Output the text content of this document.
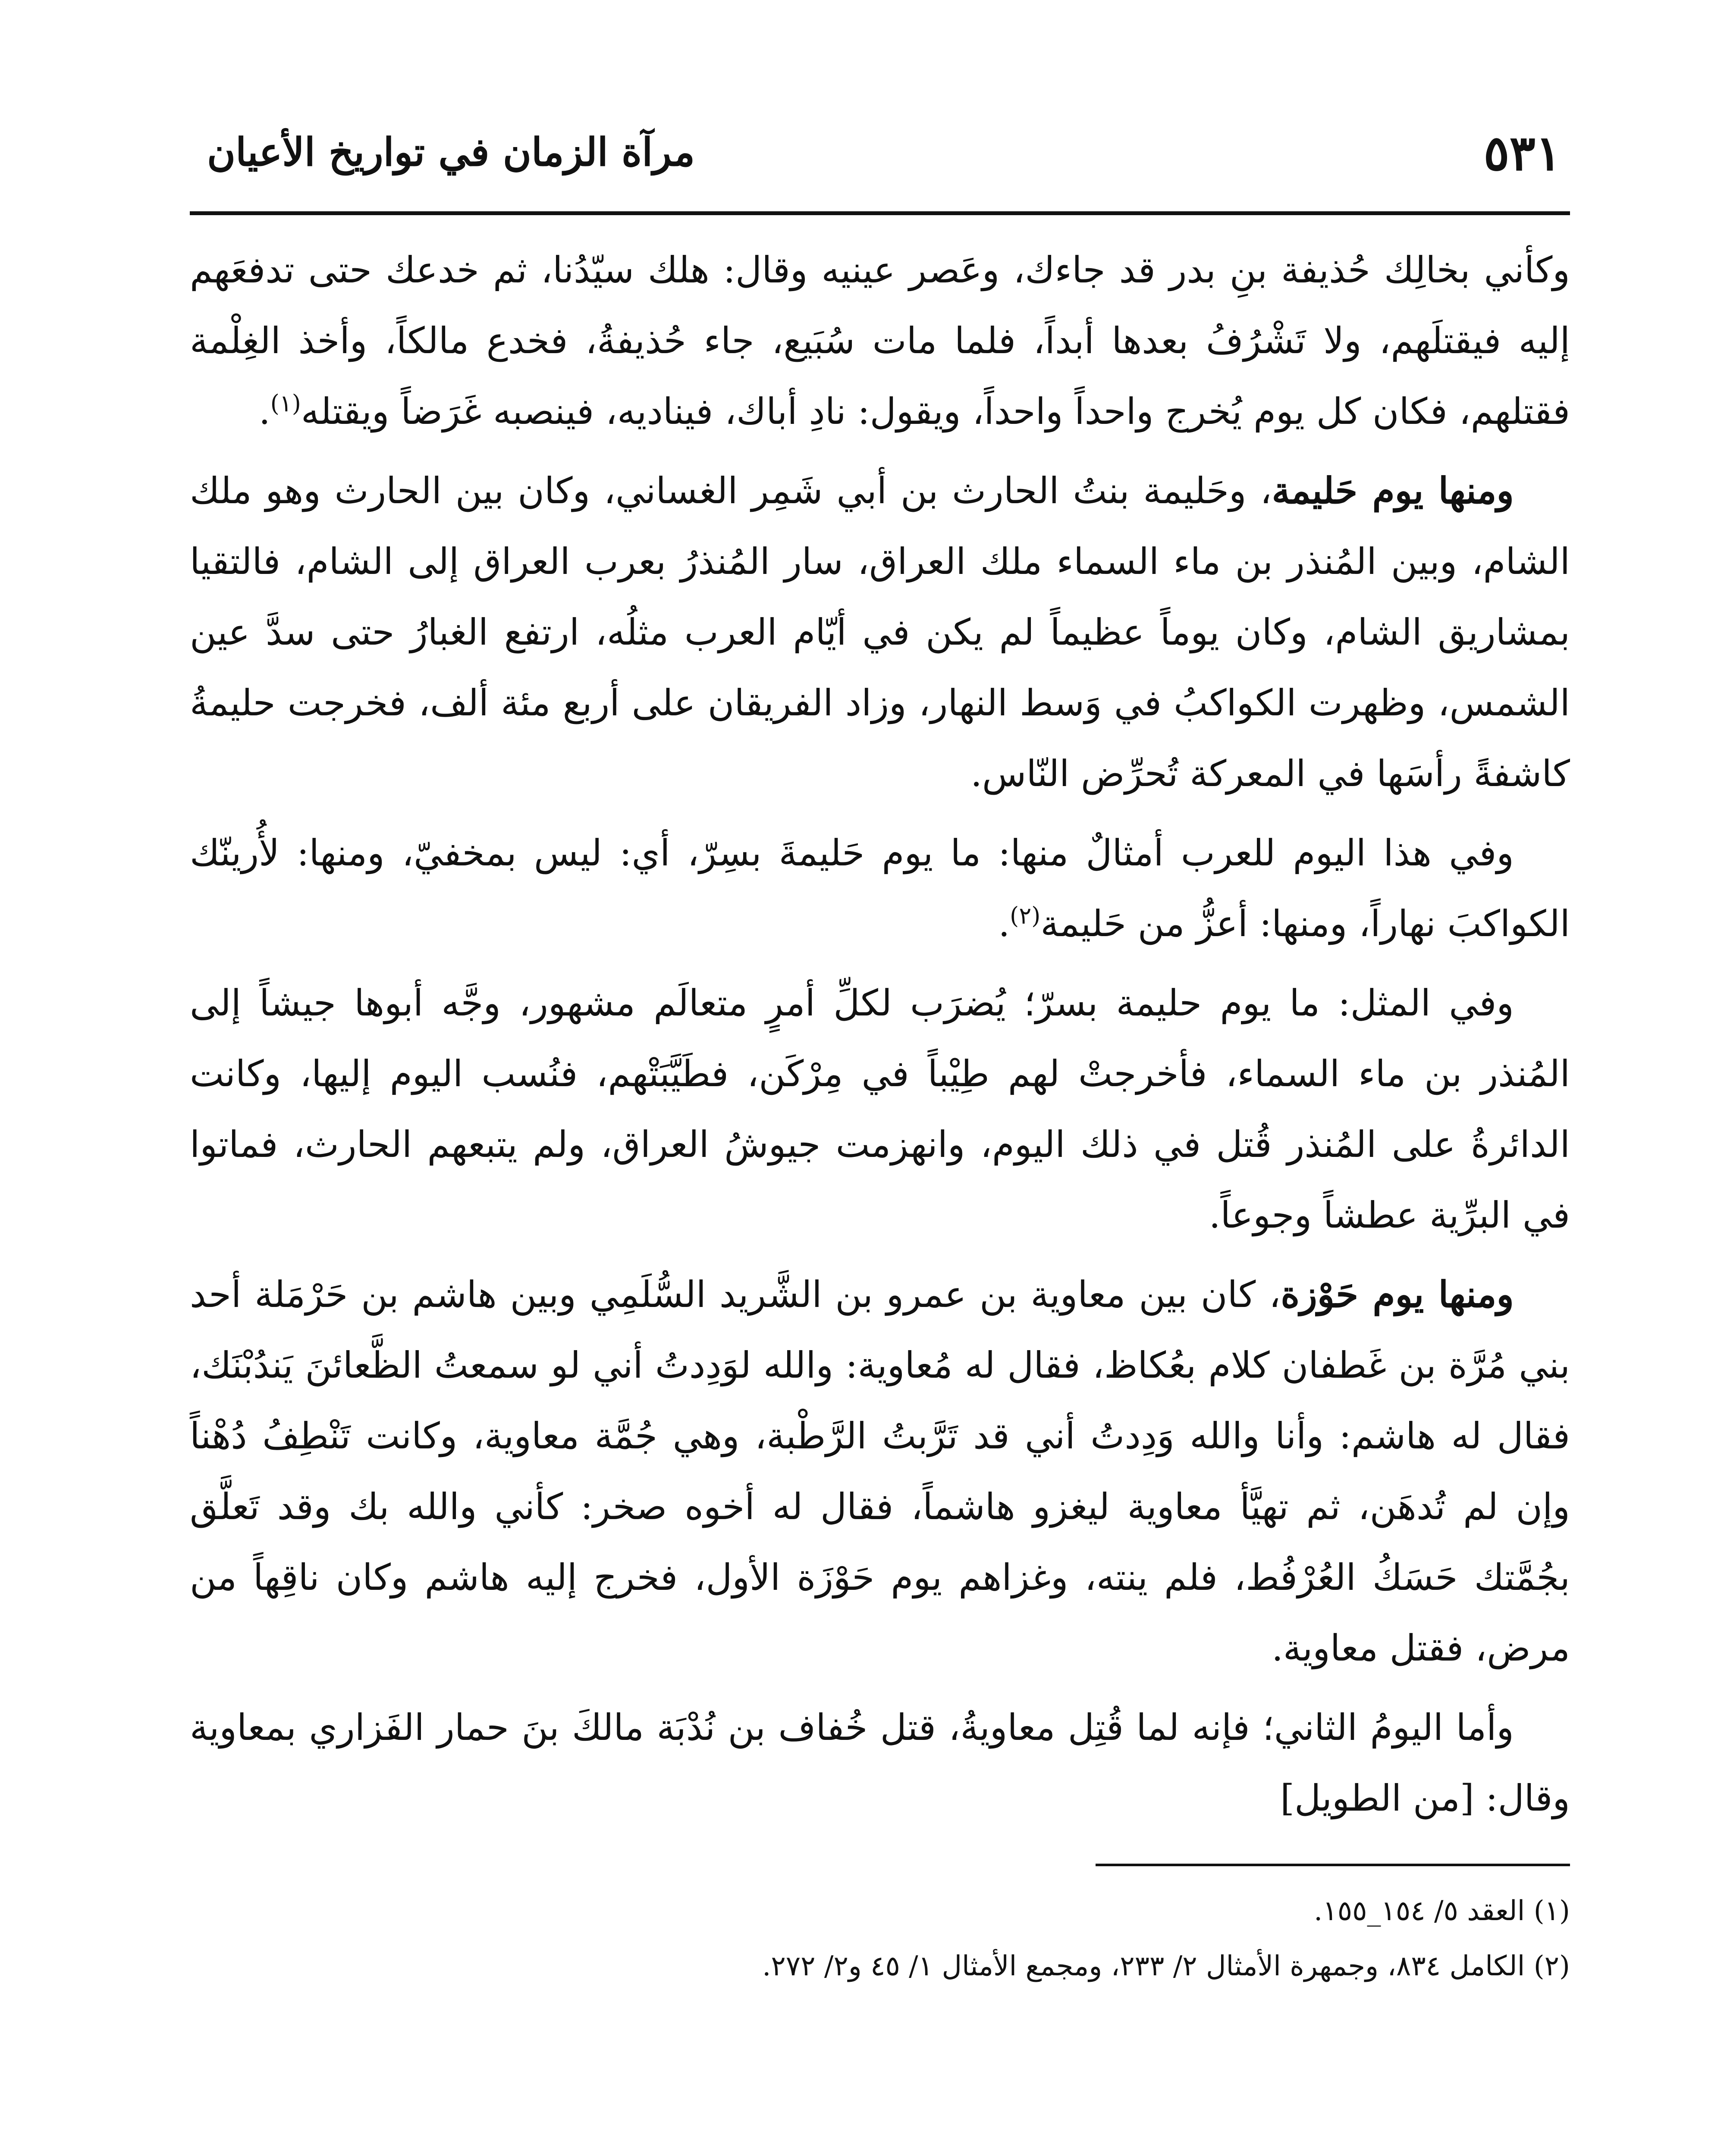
٥٣١
مرآة الزمان في تواريخ الأعيان

وكأني بخالِك حُذيفة بنِ بدر قد جاءك، وعَصر عينيه وقال: هلك سيّدُنا، ثم خدعك حتى تدفعَهم إليه فيقتلَهم، ولا تَشْرُفُ بعدها أبداً، فلما مات سُبَيع، جاء حُذيفةُ، فخدع مالكاً، وأخذ الغِلْمة فقتلهم، فكان كل يوم يُخرج واحداً واحداً، ويقول: نادِ أباك، فيناديه، فينصبه غَرَضاً ويقتله$^{(١)}$.

ومنها يوم حَليمة، وحَليمة بنتُ الحارث بن أبي شَمِر الغساني، وكان بين الحارث وهو ملك الشام، وبين المُنذر بن ماء السماء ملك العراق، سار المُنذرُ بعرب العراق إلى الشام، فالتقيا بمشاريق الشام، وكان يوماً عظيماً لم يكن في أيّام العرب مثلُه، ارتفع الغبارُ حتى سدَّ عين الشمس، وظهرت الكواكبُ في وَسط النهار، وزاد الفريقان على أربع مئة ألف، فخرجت حليمةُ كاشفةً رأسَها في المعركة تُحرِّض النّاس.

وفي هذا اليوم للعرب أمثالٌ منها: ما يوم حَليمةَ بسِرّ، أي: ليس بمخفيّ، ومنها: لأُرينّك الكواكبَ نهاراً، ومنها: أعزُّ من حَليمة$^{(٢)}$.

وفي المثل: ما يوم حليمة بسرّ؛ يُضرَب لكلِّ أمرٍ متعالَم مشهور، وجَّه أبوها جيشاً إلى المُنذر بن ماء السماء، فأخرجتْ لهم طِيْباً في مِرْكَن، فطَيَّبَتْهم، فنُسب اليوم إليها، وكانت الدائرةُ على المُنذر قُتل في ذلك اليوم، وانهزمت جيوشُ العراق، ولم يتبعهم الحارث، فماتوا في البرِّية عطشاً وجوعاً.

ومنها يوم حَوْزة، كان بين معاوية بن عمرو بن الشَّريد السُّلَمِي وبين هاشم بن حَرْمَلة أحد بني مُرَّة بن غَطفان كلام بعُكاظ، فقال له مُعاوية: والله لوَدِدتُ أني لو سمعتُ الظَّعائنَ يَندُبْنَك، فقال له هاشم: وأنا والله وَدِدتُ أني قد تَرَّبتُ الرَّطْبة، وهي جُمَّة معاوية، وكانت تَنْطِفُ دُهْناً وإن لم تُدهَن، ثم تهيَّأ معاوية ليغزو هاشماً، فقال له أخوه صخر: كأني والله بك وقد تَعلَّق بجُمَّتك حَسَكُ العُرْفُط، فلم ينته، وغزاهم يوم حَوْزَة الأول، فخرج إليه هاشم وكان ناقِهاً من مرض، فقتل معاوية.

وأما اليومُ الثاني؛ فإنه لما قُتِل معاويةُ، قتل خُفاف بن نُدْبَة مالكَ بنَ حمار الفَزاري بمعاوية وقال: [من الطويل]

(١) العقد ٥/ ١٥٤_١٥٥.

(٢) الكامل ٨٣٤، وجمهرة الأمثال ٢/ ٢٣٣، ومجمع الأمثال ١/ ٤٥ و٢/ ٢٧٢.
